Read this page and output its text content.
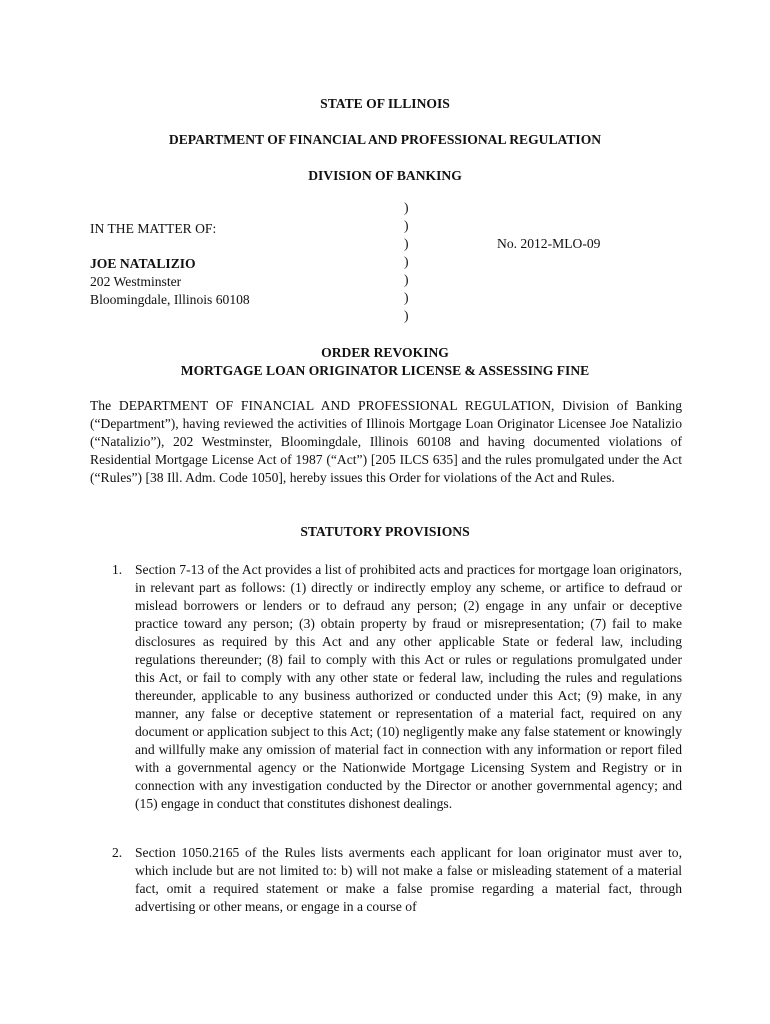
STATE OF ILLINOIS
DEPARTMENT OF FINANCIAL AND PROFESSIONAL REGULATION
DIVISION OF BANKING
IN THE MATTER OF:
JOE NATALIZIO
202 Westminster
Bloomingdale, Illinois 60108
)
)
)
)
)
)
)
No. 2012-MLO-09
ORDER REVOKING
MORTGAGE LOAN ORIGINATOR LICENSE & ASSESSING FINE
The DEPARTMENT OF FINANCIAL AND PROFESSIONAL REGULATION, Division of Banking (“Department”), having reviewed the activities of Illinois Mortgage Loan Originator Licensee Joe Natalizio (“Natalizio”), 202 Westminster, Bloomingdale, Illinois 60108 and having documented violations of Residential Mortgage License Act of 1987 (“Act”) [205 ILCS 635] and the rules promulgated under the Act (“Rules”) [38 Ill. Adm. Code 1050], hereby issues this Order for violations of the Act and Rules.
STATUTORY PROVISIONS
1. Section 7-13 of the Act provides a list of prohibited acts and practices for mortgage loan originators, in relevant part as follows: (1) directly or indirectly employ any scheme, or artifice to defraud or mislead borrowers or lenders or to defraud any person; (2) engage in any unfair or deceptive practice toward any person; (3) obtain property by fraud or misrepresentation; (7) fail to make disclosures as required by this Act and any other applicable State or federal law, including regulations thereunder; (8) fail to comply with this Act or rules or regulations promulgated under this Act, or fail to comply with any other state or federal law, including the rules and regulations thereunder, applicable to any business authorized or conducted under this Act; (9) make, in any manner, any false or deceptive statement or representation of a material fact, required on any document or application subject to this Act; (10) negligently make any false statement or knowingly and willfully make any omission of material fact in connection with any information or report filed with a governmental agency or the Nationwide Mortgage Licensing System and Registry or in connection with any investigation conducted by the Director or another governmental agency; and (15) engage in conduct that constitutes dishonest dealings.
2. Section 1050.2165 of the Rules lists averments each applicant for loan originator must aver to, which include but are not limited to: b) will not make a false or misleading statement of a material fact, omit a required statement or make a false promise regarding a material fact, through advertising or other means, or engage in a course of
